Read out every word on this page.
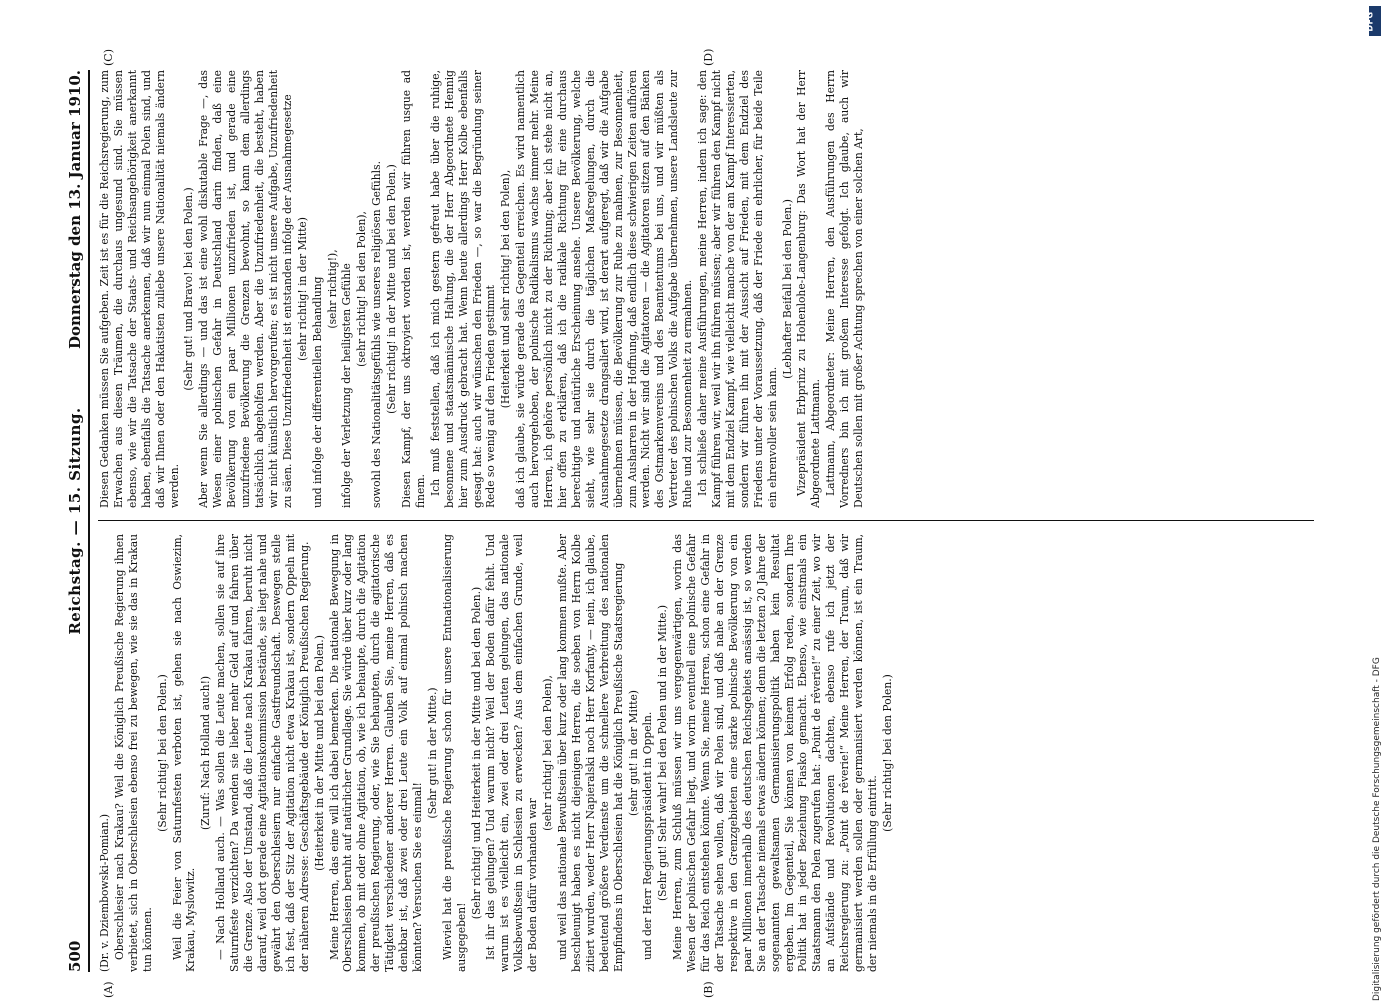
500
Reichstag. — 15. Sitzung.
Donnerstag den 13. Januar 1910.

(Dr. v. Dziembowski-Pomian.) Oberschlesier nach Krakau? Weil die Königlich Preußische Regierung ihnen verbietet, sich in Oberschlesien ebenso frei zu bewegen, wie sie das in Krakau tun können.

(Sehr richtig! bei den Polen.) Weil die Feier von Saturnfesten verboten ist, gehen sie nach Oswiezim, Krakau, Myslowitz.

(Zuruf: Nach Holland auch!) — Nach Holland auch. — Was sollen die Leute machen, sollen sie auf ihre Saturnfeste verzichten? Da wenden sie lieber mehr Geld auf und fahren über die Grenze. Also der Umstand, daß die Leute nach Krakau fahren, beruht nicht darauf, weil dort gerade eine Agitationskommission bestände, sie liegt nahe und gewährt den Oberschlesiern nur einfache Gastfreundschaft. Deswegen stelle ich fest, daß der Sitz der Agitation nicht etwa Krakau ist, sondern Oppeln mit der näheren Adresse: Geschäftsgebäude der Königlich Preußischen Regierung. (Heiterkeit in der Mitte und bei den Polen.) Meine Herren, das eine will ich dabei bemerken. Die nationale Bewegung in Oberschlesien beruht auf natürlicher Grundlage. Sie würde über kurz oder lang kommen, ob mit oder ohne Agitation, ob, wie ich behaupte, durch die Agitation der preußischen Regierung, oder, wie Sie behaupten, durch die agitatorische Tätigkeit verschiedener anderer Herren. Glauben Sie, meine Herren, daß es denkbar ist, daß zwei oder drei Leute ein Volk auf einmal polnisch machen könnten? Versuchen Sie es einmal!

(Sehr gut! in der Mitte.) Wieviel hat die preußische Regierung schon für unsere Entnationalisierung ausgegeben!

(Sehr richtig! und Heiterkeit in der Mitte und bei den Polen.) Ist ihr das gelungen? Und warum nicht? Weil der Boden dafür fehlt. Und warum ist es vielleicht ein, zwei oder drei Leuten gelungen, das nationale Volksbewußtsein in Schlesien zu erwecken? Aus dem einfachen Grunde, weil der Boden dafür vorhanden war

(sehr richtig! bei den Polen), und weil das nationale Bewußtsein über kurz oder lang kommen mußte. Aber beschleunigt haben es nicht diejenigen Herren, die soeben von Herrn Kolbe zitiert wurden, weder Herr Napieralski noch Herr Korfanty, — nein, ich glaube, bedeutend größere Verdienste um die schnellere Verbreitung des nationalen Empfindens in Oberschlesien hat die Königlich Preußische Staatsregierung (sehr gut! in der Mitte) und der Herr Regierungspräsident in Oppeln. (Sehr gut! Sehr wahr! bei den Polen und in der Mitte.) Meine Herren, zum Schluß müssen wir uns vergegenwärtigen, worin das Wesen der polnischen Gefahr liegt, und worin eventuell eine polnische Gefahr für das Reich entstehen könnte. Wenn Sie, meine Herren, schon eine Gefahr in der Tatsache sehen wollen, daß wir Polen sind, und daß nahe an der Grenze respektive in den Grenzgebieten eine starke polnische Bevölkerung von ein paar Millionen innerhalb des deutschen Reichsgebiets ansässig ist, so werden Sie an der Tatsache niemals etwas ändern können; denn die letzten 20 Jahre der sogenannten gewaltsamen Germanisierungspolitik haben kein Resultat ergeben. Im Gegenteil, Sie können von keinem Erfolg reden, sondern Ihre Politik hat in jeder Beziehung Fiasko gemacht. Ebenso, wie einstmals ein Staatsmann den Polen zugerufen hat: „Point de rêverie!“ zu einer Zeit, wo wir an Aufstände und Revolutionen dachten, ebenso rufe ich jetzt der Reichsregierung zu: „Point de rêverie!“ Meine Herren, der Traum, daß wir germanisiert werden sollen oder germanisiert werden können, ist ein Traum, der niemals in die Erfüllung eintritt.

(Sehr richtig! bei den Polen.)

Diesen Gedanken müssen Sie aufgeben. Zeit ist es für die Reichsregierung, zum Erwachen aus diesen Träumen, die durchaus ungesund sind. Sie müssen ebenso, wie wir die Tatsache der Staats- und Reichsangehörigkeit anerkannt haben, ebenfalls die Tatsache anerkennen, daß wir nun einmal Polen sind, und daß wir Ihnen oder den Hakatisten zuliebe unsere Nationalität niemals ändern werden.

(Sehr gut! und Bravo! bei den Polen.) Aber wenn Sie allerdings — und das ist eine wohl diskutable Frage —, das Wesen einer polnischen Gefahr in Deutschland darin finden, daß eine Bevölkerung von ein paar Millionen unzufrieden ist, und gerade eine unzufriedene Bevölkerung die Grenzen bewohnt, so kann dem allerdings tatsächlich abgeholfen werden. Aber die Unzufriedenheit, die besteht, haben wir nicht künstlich hervorgerufen; es ist nicht unsere Aufgabe, Unzufriedenheit zu säen. Diese Unzufriedenheit ist entstanden infolge der Ausnahmegesetze (sehr richtig! in der Mitte) und infolge der differentiellen Behandlung (sehr richtig!), infolge der Verletzung der heiligsten Gefühle (sehr richtig! bei den Polen), sowohl des Nationalitätsgefühls wie unseres religiösen Gefühls. (Sehr richtig! in der Mitte und bei den Polen.) Diesen Kampf, der uns oktroyiert worden ist, werden wir führen usque ad finem. Ich muß feststellen, daß ich mich gestern gefreut habe über die ruhige, besonnene und staatsmännische Haltung, die der Herr Abgeordnete Hennig hier zum Ausdruck gebracht hat. Wenn heute allerdings Herr Kolbe ebenfalls gesagt hat: auch wir wünschen den Frieden —, so war die Begründung seiner Rede so wenig auf den Frieden gestimmt (Heiterkeit und sehr richtig! bei den Polen), daß ich glaube, sie würde gerade das Gegenteil erreichen. Es wird namentlich auch hervorgehoben, der polnische Radikalismus wachse immer mehr. Meine Herren, ich gehöre persönlich nicht zu der Richtung; aber ich stehe nicht an, hier offen zu erklären, daß ich die radikale Richtung für eine durchaus berechtigte und natürliche Erscheinung ansehe. Unsere Bevölkerung, welche sieht, wie sehr sie durch die täglichen Maßregelungen, durch die Ausnahmegesetze drangsaliert wird, ist derart aufgeregt, daß wir die Aufgabe übernehmen müssen, die Bevölkerung zur Ruhe zu mahnen, zur Besonnenheit, zum Ausharren in der Hoffnung, daß endlich diese schwierigen Zeiten aufhören werden. Nicht wir sind die Agitatoren — die Agitatoren sitzen auf den Bänken des Ostmarkenvereins und des Beamtentums bei uns, und wir müßten als Vertreter des polnischen Volks die Aufgabe übernehmen, unsere Landsleute zur Ruhe und zur Besonnenheit zu ermahnen. Ich schließe daher meine Ausführungen, meine Herren, indem ich sage: den Kampf führen wir, weil wir ihn führen müssen; aber wir führen den Kampf nicht mit dem Endziel Kampf, wie vielleicht manche von der am Kampf Interessierten, sondern wir führen ihn mit der Aussicht auf Frieden, mit dem Endziel des Friedens unter der Voraussetzung, daß der Friede ein ehrlicher, für beide Teile ein ehrenvoller sein kann.

(Lebhafter Beifall bei den Polen.) Vizepräsident Erbprinz zu Hohenlohe-Langenburg: Das Wort hat der Herr Abgeordnete Lattmann. Lattmann, Abgeordneter: Meine Herren, den Ausführungen des Herrn Vorredners bin ich mit großem Interesse gefolgt. Ich glaube, auch wir Deutschen sollen mit großer Achtung sprechen von einer solchen Art,

(A)	(B)
(C)	(D)
DFG
Digitalisierung gefördert durch die Deutsche Forschungsgemeinschaft - DFG
